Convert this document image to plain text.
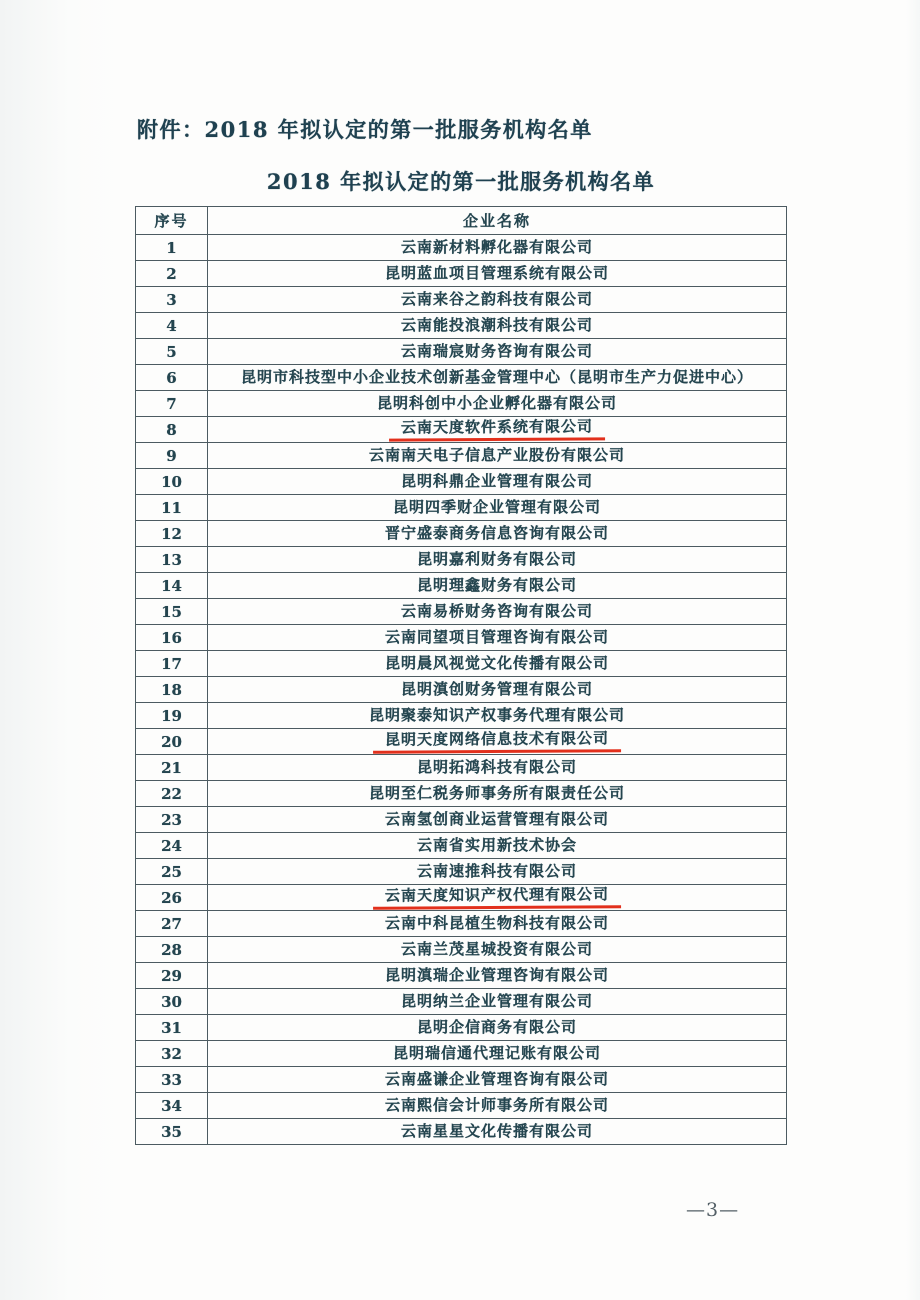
附件：2018 年拟认定的第一批服务机构名单
2018 年拟认定的第一批服务机构名单
序号	企业名称
1	云南新材料孵化器有限公司
2	昆明蓝血项目管理系统有限公司
3	云南来谷之韵科技有限公司
4	云南能投浪潮科技有限公司
5	云南瑞宸财务咨询有限公司
6	昆明市科技型中小企业技术创新基金管理中心（昆明市生产力促进中心）
7	昆明科创中小企业孵化器有限公司
8	云南天度软件系统有限公司
9	云南南天电子信息产业股份有限公司
10	昆明科鼎企业管理有限公司
11	昆明四季财企业管理有限公司
12	晋宁盛泰商务信息咨询有限公司
13	昆明嘉利财务有限公司
14	昆明理鑫财务有限公司
15	云南易桥财务咨询有限公司
16	云南同望项目管理咨询有限公司
17	昆明晨风视觉文化传播有限公司
18	昆明滇创财务管理有限公司
19	昆明聚泰知识产权事务代理有限公司
20	昆明天度网络信息技术有限公司
21	昆明拓鸿科技有限公司
22	昆明至仁税务师事务所有限责任公司
23	云南氢创商业运营管理有限公司
24	云南省实用新技术协会
25	云南速推科技有限公司
26	云南天度知识产权代理有限公司
27	云南中科昆植生物科技有限公司
28	云南兰茂星城投资有限公司
29	昆明滇瑞企业管理咨询有限公司
30	昆明纳兰企业管理有限公司
31	昆明企信商务有限公司
32	昆明瑞信通代理记账有限公司
33	云南盛谦企业管理咨询有限公司
34	云南熙信会计师事务所有限公司
35	云南星星文化传播有限公司
—3—
